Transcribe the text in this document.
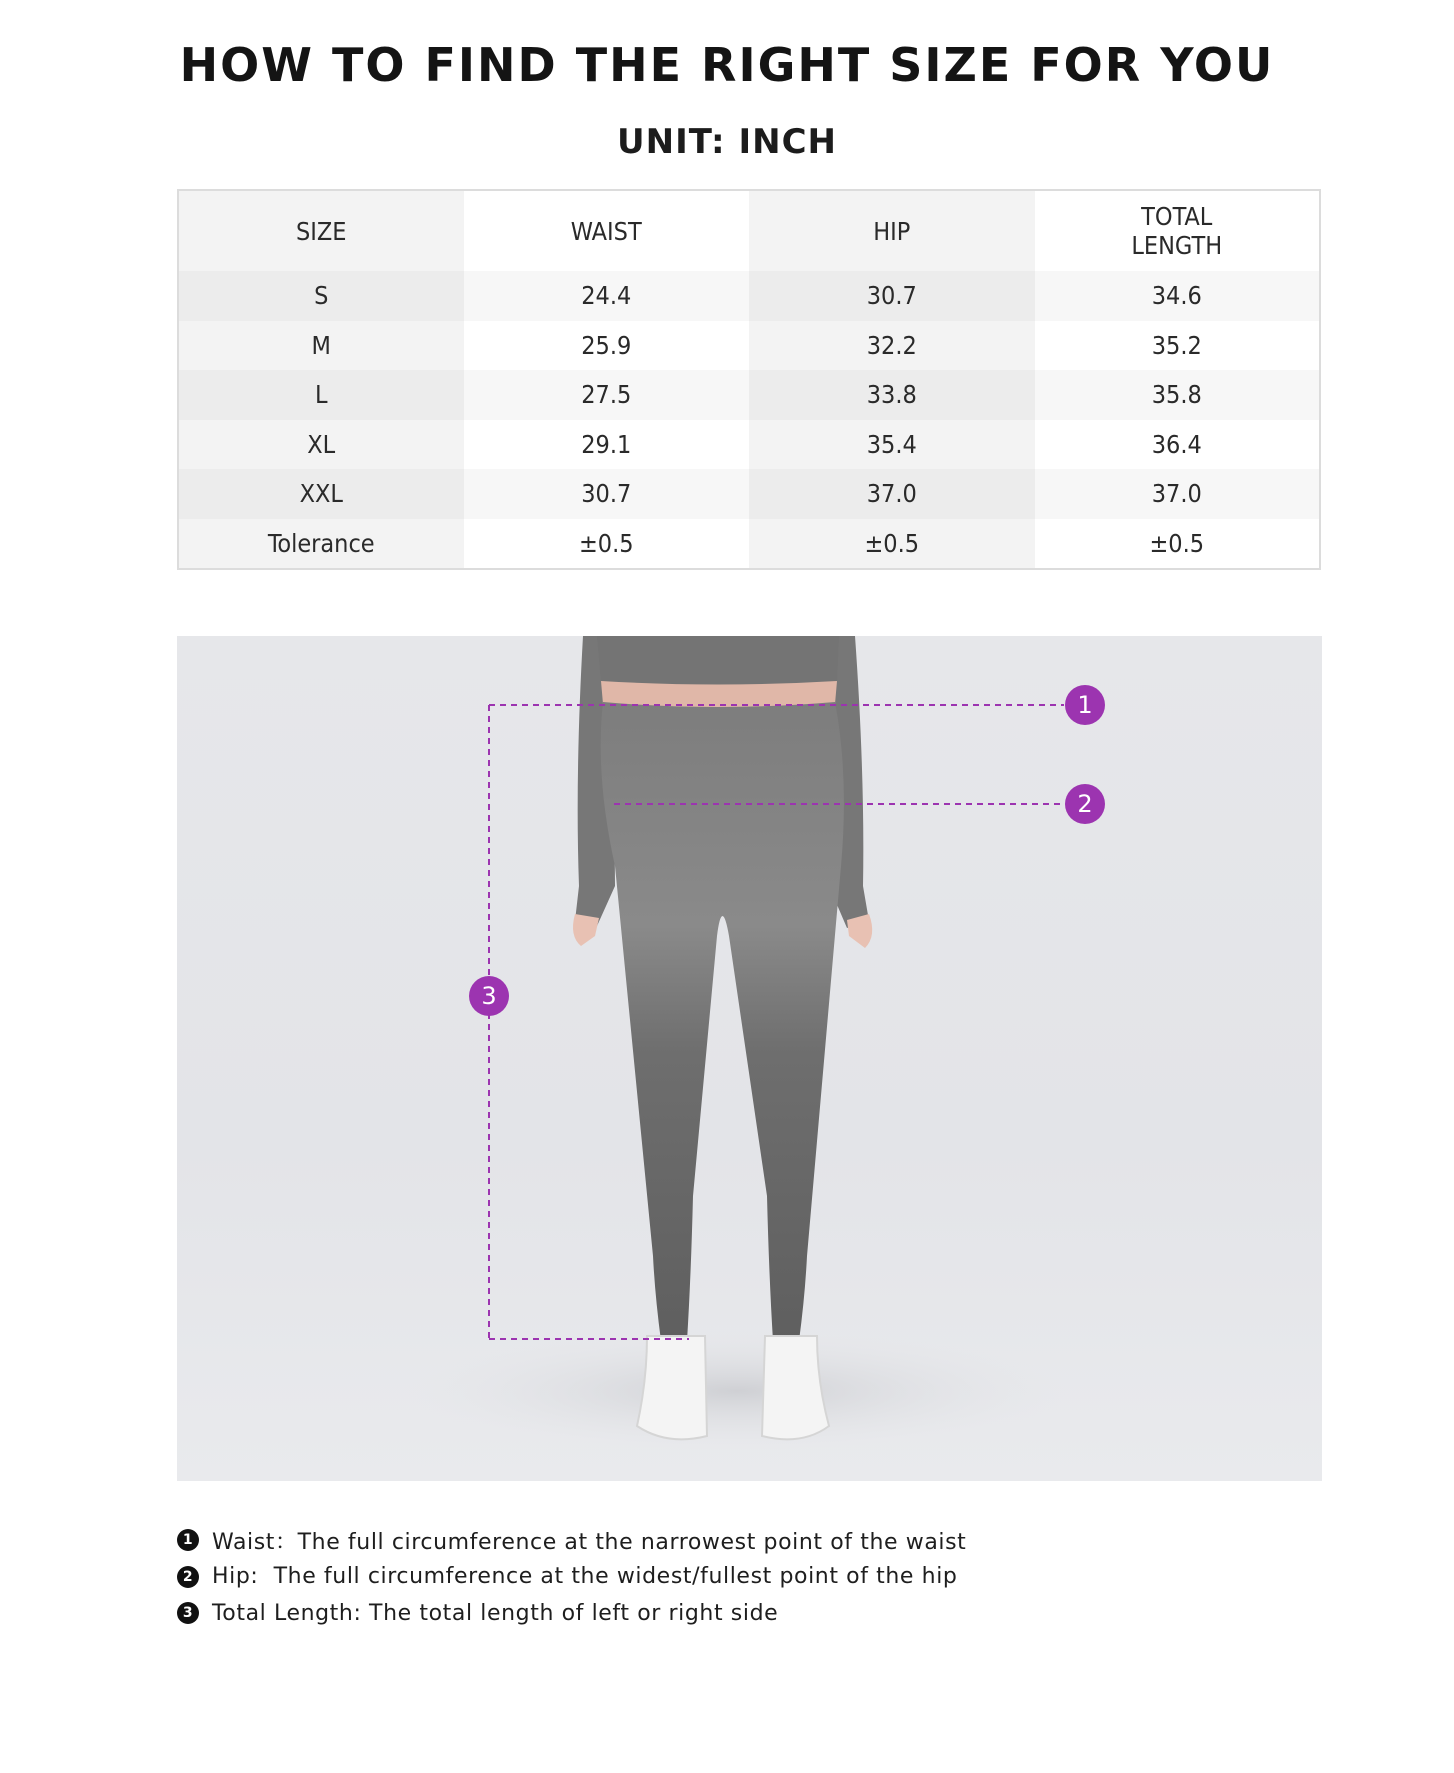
HOW TO FIND THE RIGHT SIZE FOR YOU
UNIT: INCH
SIZE	WAIST	HIP	TOTAL
LENGTH
S	24.4	30.7	34.6
M	25.9	32.2	35.2
L	27.5	33.8	35.8
XL	29.1	35.4	36.4
XXL	30.7	37.0	37.0
Tolerance	±0.5	±0.5	±0.5
1
2
3
1 Waist：The full circumference at the narrowest point of the waist
2 Hip:  The full circumference at the widest/fullest point of the hip
3 Total Length: The total length of left or right side
